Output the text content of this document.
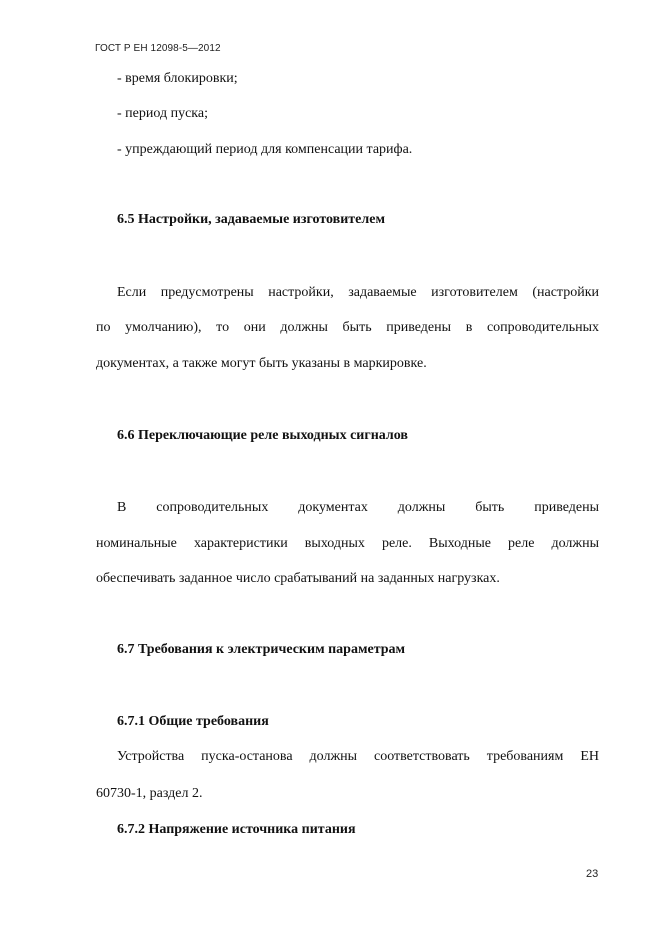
ГОСТ Р ЕН 12098-5—2012
- время блокировки;
- период пуска;
- упреждающий период для компенсации тарифа.
6.5 Настройки, задаваемые изготовителем
Если предусмотрены настройки, задаваемые изготовителем (настройки
по умолчанию), то они должны быть приведены в сопроводительных
документах, а также могут быть указаны в маркировке.
6.6 Переключающие реле выходных сигналов
В сопроводительных документах должны быть приведены
номинальные характеристики выходных реле. Выходные реле должны
обеспечивать заданное число срабатываний на заданных нагрузках.
6.7 Требования к электрическим параметрам
6.7.1 Общие требования
Устройства пуска-останова должны соответствовать требованиям ЕН
60730-1, раздел 2.
6.7.2 Напряжение источника питания
23
